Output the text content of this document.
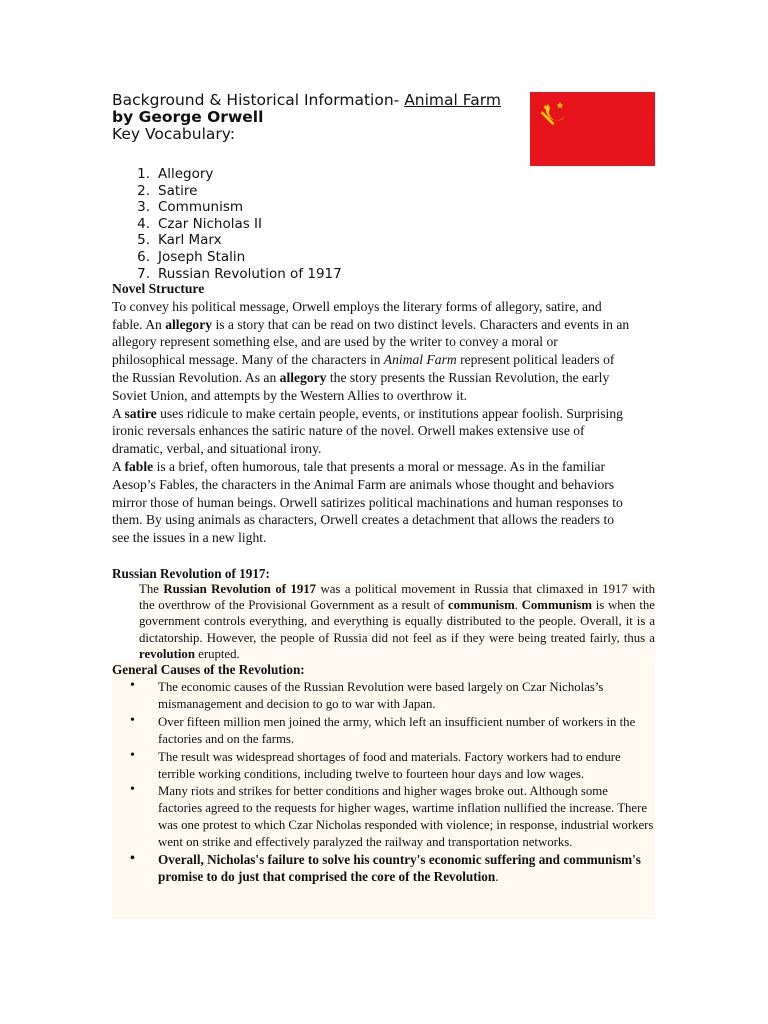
Background & Historical Information- Animal Farm
by George Orwell
Key Vocabulary:
1. Allegory
2. Satire
3. Communism
4. Czar Nicholas II
5. Karl Marx
6. Joseph Stalin
7. Russian Revolution of 1917

Novel Structure

To convey his political message, Orwell employs the literary forms of allegory, satire, and fable. An allegory is a story that can be read on two distinct levels. Characters and events in an allegory represent something else, and are used by the writer to convey a moral or philosophical message. Many of the characters in Animal Farm represent political leaders of the Russian Revolution. As an allegory the story presents the Russian Revolution, the early Soviet Union, and attempts by the Western Allies to overthrow it.

A satire uses ridicule to make certain people, events, or institutions appear foolish. Surprising ironic reversals enhances the satiric nature of the novel. Orwell makes extensive use of dramatic, verbal, and situational irony.

A fable is a brief, often humorous, tale that presents a moral or message. As in the familiar Aesop’s Fables, the characters in the Animal Farm are animals whose thought and behaviors mirror those of human beings. Orwell satirizes political machinations and human responses to them. By using animals as characters, Orwell creates a detachment that allows the readers to see the issues in a new light.

Russian Revolution of 1917:
The Russian Revolution of 1917 was a political movement in Russia that climaxed in 1917 with the overthrow of the Provisional Government as a result of communism. Communism is when the government controls everything, and everything is equally distributed to the people. Overall, it is a dictatorship. However, the people of Russia did not feel as if they were being treated fairly, thus a revolution erupted.
General Causes of the Revolution:
• The economic causes of the Russian Revolution were based largely on Czar Nicholas’s mismanagement and decision to go to war with Japan.
• Over fifteen million men joined the army, which left an insufficient number of workers in the factories and on the farms.
• The result was widespread shortages of food and materials. Factory workers had to endure terrible working conditions, including twelve to fourteen hour days and low wages.
• Many riots and strikes for better conditions and higher wages broke out. Although some factories agreed to the requests for higher wages, wartime inflation nullified the increase. There was one protest to which Czar Nicholas responded with violence; in response, industrial workers went on strike and effectively paralyzed the railway and transportation networks.
• Overall, Nicholas's failure to solve his country's economic suffering and communism's promise to do just that comprised the core of the Revolution.
